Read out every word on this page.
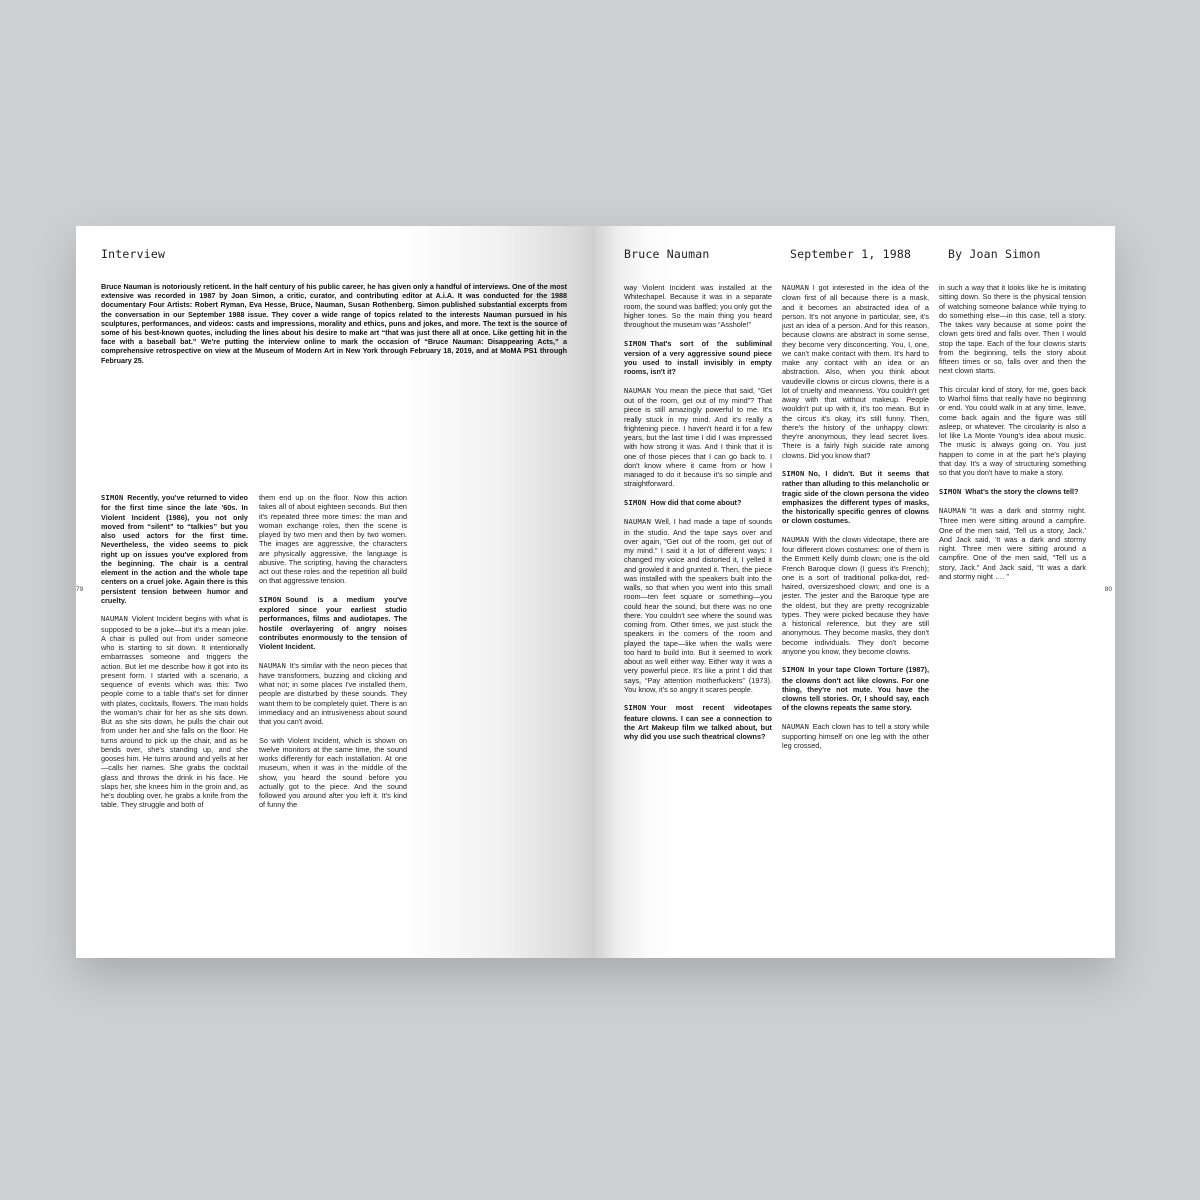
Interview
79

Bruce Nauman is notoriously reticent. In the half century of his public career, he has given only a handful of interviews. One of the most extensive was recorded in 1987 by Joan Simon, a critic, curator, and contributing editor at A.i.A. It was conducted for the 1988 documentary Four Artists: Robert Ryman, Eva Hesse, Bruce, Nauman, Susan Rothenberg. Simon published substantial excerpts from the conversation in our September 1988 issue. They cover a wide range of topics related to the interests Nauman pursued in his sculptures, performances, and videos: casts and impressions, morality and ethics, puns and jokes, and more. The text is the source of some of his best-known quotes, including the lines about his desire to make art “that was just there all at once. Like getting hit in the face with a baseball bat.” We're putting the interview online to mark the occasion of “Bruce Nauman: Disappearing Acts,” a comprehensive retrospective on view at the Museum of Modern Art in New York through February 18, 2019, and at MoMA PS1 through February 25.

SIMON  Recently, you've returned to video for the first time since the late '60s. In Violent Incident (1986), you not only moved from “silent” to “talkies” but you also used actors for the first time. Nevertheless, the video seems to pick right up on issues you've explored from the beginning. The chair is a central element in the action and the whole tape centers on a cruel joke. Again there is this persistent tension between humor and cruelty.

NAUMAN  Violent Incident begins with what is supposed to be a joke—but it's a mean joke. A chair is pulled out from under someone who is starting to sit down. It intentionally embarrasses someone and triggers the action. But let me describe how it got into its present form. I started with a scenario, a sequence of events which was this: Two people come to a table that's set for dinner with plates, cocktails, flowers. The man holds the woman's chair for her as she sits down. But as she sits down, he pulls the chair out from under her and she falls on the floor. He turns around to pick up the chair, and as he bends over, she's standing up, and she gooses him. He turns around and yells at her—calls her names. She grabs the cocktail glass and throws the drink in his face. He slaps her, she knees him in the groin and, as he's doubling over, he grabs a knife from the table. They struggle and both of

them end up on the floor. Now this action takes all of about eighteen seconds. But then it's repeated three more times: the man and woman exchange roles, then the scene is played by two men and then by two women. The images are aggressive, the characters are physically aggressive, the language is abusive. The scripting, having the characters act out these roles and the repetition all build on that aggressive tension.

SIMON  Sound is a medium you've explored since your earliest studio performances, films and audiotapes. The hostile overlayering of angry noises contributes enormously to the tension of Violent Incident.

NAUMAN  It's similar with the neon pieces that have transformers, buzzing and clicking and what not; in some places I've installed them, people are disturbed by these sounds. They want them to be completely quiet. There is an immediacy and an intrusiveness about sound that you can't avoid.

So with Violent Incident, which is shown on twelve monitors at the same time, the sound works differently for each installation. At one museum, when it was in the middle of the show, you heard the sound before you actually got to the piece. And the sound followed you around after you left it. It's kind of funny the

Bruce Nauman	September 1, 1988	By Joan Simon
80

way Violent Incident was installed at the Whitechapel. Because it was in a separate room, the sound was baffled; you only got the higher tones. So the main thing you heard throughout the museum was “Asshole!”

SIMON  That's sort of the subliminal version of a very aggressive sound piece you used to install invisibly in empty rooms, isn't it?

NAUMAN  You mean the piece that said, “Get out of the room, get out of my mind”? That piece is still amazingly powerful to me. It's really stuck in my mind. And it's really a frightening piece. I haven't heard it for a few years, but the last time I did I was impressed with how strong it was. And I think that it is one of those pieces that I can go back to. I don't know where it came from or how I managed to do it because it's so simple and straightforward.

SIMON  How did that come about?

NAUMAN  Well, I had made a tape of sounds in the studio. And the tape says over and over again, “Get out of the room, get out of my mind.” I said it a lot of different ways: I changed my voice and distorted it, I yelled it and growled it and grunted it. Then, the piece was installed with the speakers built into the walls, so that when you went into this small room—ten feet square or something—you could hear the sound, but there was no one there. You couldn't see where the sound was coming from. Other times, we just stuck the speakers in the corners of the room and played the tape—like when the walls were too hard to build into. But it seemed to work about as well either way. Either way it was a very powerful piece. It's like a print I did that says, “Pay attention motherfuckers” (1973). You know, it's so angry it scares people.

SIMON  Your most recent videotapes feature clowns. I can see a connection to the Art Makeup film we talked about, but why did you use such theatrical clowns?

NAUMAN  I got interested in the idea of the clown first of all because there is a mask, and it becomes an abstracted idea of a person. It's not anyone in particular, see, it's just an idea of a person. And for this reason, because clowns are abstract in some sense, they become very disconcerting. You, I, one, we can't make contact with them. It's hard to make any contact with an idea or an abstraction. Also, when you think about vaudeville clowns or circus clowns, there is a lot of cruelty and meanness. You couldn't get away with that without makeup. People wouldn't put up with it, it's too mean. But in the circus it's okay, it's still funny. Then, there's the history of the unhappy clown: they're anonymous, they lead secret lives. There is a fairly high suicide rate among clowns. Did you know that?

SIMON  No, I didn't. But it seems that rather than alluding to this melancholic or tragic side of the clown persona the video emphasizes the different types of masks, the historically specific genres of clowns or clown costumes.

NAUMAN  With the clown videotape, there are four different clown costumes: one of them is the Emmett Kelly dumb clown; one is the old French Baroque clown (I guess it's French); one is a sort of traditional polka-dot, red-haired, oversizeshoed clown; and one is a jester. The jester and the Baroque type are the oldest, but they are pretty recognizable types. They were picked because they have a historical reference, but they are still anonymous. They become masks, they don't become individuals. They don't become anyone you know, they become clowns.

SIMON  In your tape Clown Torture (1987), the clowns don't act like clowns. For one thing, they're not mute. You have the clowns tell stories. Or, I should say, each of the clowns repeats the same story.

NAUMAN  Each clown has to tell a story while supporting himself on one leg with the other leg crossed,

in such a way that it looks like he is imitating sitting down. So there is the physical tension of watching someone balance while trying to do something else—in this case, tell a story. The takes vary because at some point the clown gets tired and falls over. Then I would stop the tape. Each of the four clowns starts from the beginning, tells the story about fifteen times or so, falls over and then the next clown starts.

This circular kind of story, for me, goes back to Warhol films that really have no beginning or end. You could walk in at any time, leave, come back again and the figure was still asleep, or whatever. The circularity is also a lot like La Monte Young's idea about music. The music is always going on. You just happen to come in at the part he's playing that day. It's a way of structuring something so that you don't have to make a story.

SIMON  What's the story the clowns tell?

NAUMAN  “It was a dark and stormy night. Three men were sitting around a campfire. One of the men said, ‘Tell us a story, Jack.’ And Jack said, ‘It was a dark and stormy night. Three men were sitting around a campfire. One of the men said, “Tell us a story, Jack.” And Jack said, “It was a dark and stormy night …. ”
